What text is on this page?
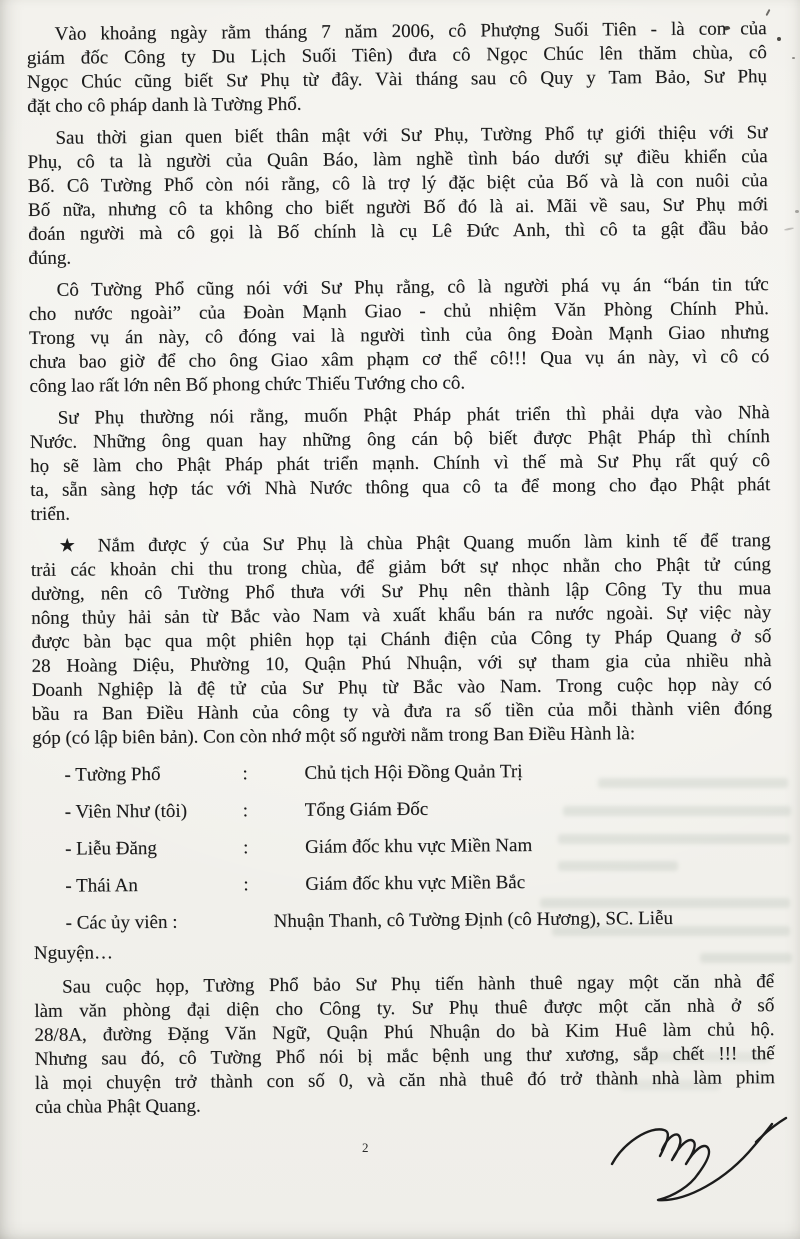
Vào khoảng ngày rằm tháng 7 năm 2006, cô Phượng Suối Tiên - là con của
giám đốc Công ty Du Lịch Suối Tiên) đưa cô Ngọc Chúc lên thăm chùa, cô
Ngọc Chúc cũng biết Sư Phụ từ đây. Vài tháng sau cô Quy y Tam Bảo, Sư Phụ
đặt cho cô pháp danh là Tường Phổ.
Sau thời gian quen biết thân mật với Sư Phụ, Tường Phổ tự giới thiệu với Sư
Phụ, cô ta là người của Quân Báo, làm nghề tình báo dưới sự điều khiển của
Bố. Cô Tường Phổ còn nói rằng, cô là trợ lý đặc biệt của Bố và là con nuôi của
Bố nữa, nhưng cô ta không cho biết người Bố đó là ai. Mãi về sau, Sư Phụ mới
đoán người mà cô gọi là Bố chính là cụ Lê Đức Anh, thì cô ta gật đầu bảo
đúng.
Cô Tường Phổ cũng nói với Sư Phụ rằng, cô là người phá vụ án “bán tin tức
cho nước ngoài” của Đoàn Mạnh Giao - chủ nhiệm Văn Phòng Chính Phủ.
Trong vụ án này, cô đóng vai là người tình của ông Đoàn Mạnh Giao nhưng
chưa bao giờ để cho ông Giao xâm phạm cơ thể cô!!! Qua vụ án này, vì cô có
công lao rất lớn nên Bố phong chức Thiếu Tướng cho cô.
Sư Phụ thường nói rằng, muốn Phật Pháp phát triển thì phải dựa vào Nhà
Nước. Những ông quan hay những ông cán bộ biết được Phật Pháp thì chính
họ sẽ làm cho Phật Pháp phát triển mạnh. Chính vì thế mà Sư Phụ rất quý cô
ta, sẵn sàng hợp tác với Nhà Nước thông qua cô ta để mong cho đạo Phật phát
triển.
★ Nắm được ý của Sư Phụ là chùa Phật Quang muốn làm kinh tế để trang
trải các khoản chi thu trong chùa, để giảm bớt sự nhọc nhằn cho Phật tử cúng
dường, nên cô Tường Phổ thưa với Sư Phụ nên thành lập Công Ty thu mua
nông thủy hải sản từ Bắc vào Nam và xuất khẩu bán ra nước ngoài. Sự việc này
được bàn bạc qua một phiên họp tại Chánh điện của Công ty Pháp Quang ở số
28 Hoàng Diệu, Phường 10, Quận Phú Nhuận, với sự tham gia của nhiều nhà
Doanh Nghiệp là đệ tử của Sư Phụ từ Bắc vào Nam. Trong cuộc họp này có
bầu ra Ban Điều Hành của công ty và đưa ra số tiền của mỗi thành viên đóng
góp (có lập biên bản). Con còn nhớ một số người nằm trong Ban Điều Hành là:
- Tường Phổ	:	Chủ tịch Hội Đồng Quản Trị
- Viên Như (tôi)	:	Tổng Giám Đốc
- Liễu Đăng	:	Giám đốc khu vực Miền Nam
- Thái An	:	Giám đốc khu vực Miền Bắc
- Các ủy viên :	Nhuận Thanh, cô Tường Định (cô Hương), SC. Liễu
Nguyện…
Sau cuộc họp, Tường Phổ bảo Sư Phụ tiến hành thuê ngay một căn nhà để
làm văn phòng đại diện cho Công ty. Sư Phụ thuê được một căn nhà ở số
28/8A, đường Đặng Văn Ngữ, Quận Phú Nhuận do bà Kim Huê làm chủ hộ.
Nhưng sau đó, cô Tường Phổ nói bị mắc bệnh ung thư xương, sắp chết !!! thế
là mọi chuyện trở thành con số 0, và căn nhà thuê đó trở thành nhà làm phim
của chùa Phật Quang.
2
